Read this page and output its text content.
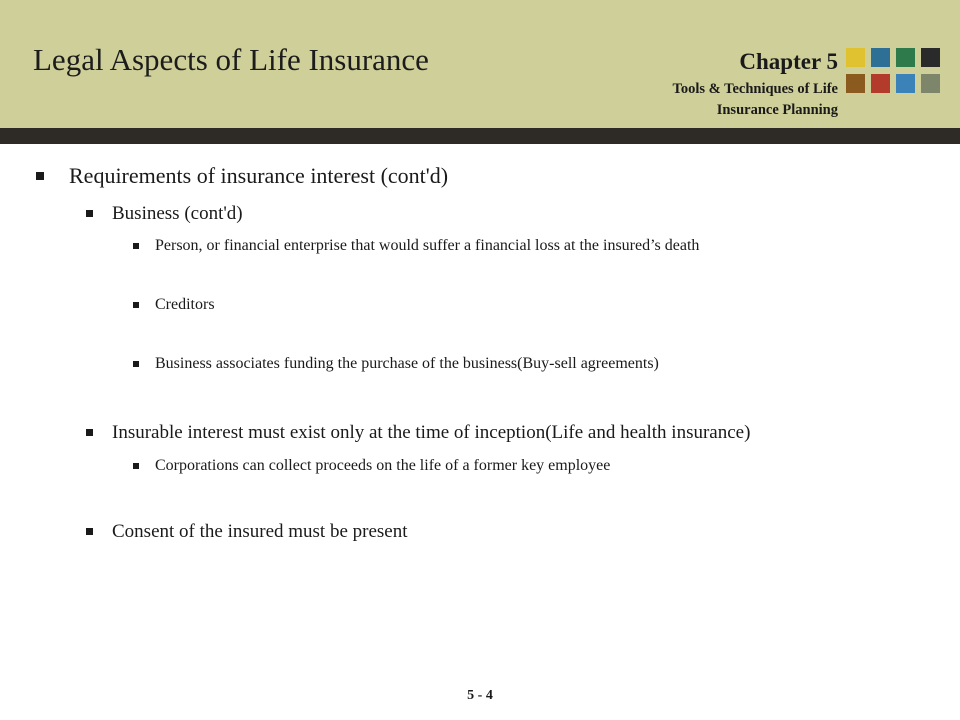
Legal Aspects of Life Insurance	Chapter 5
Tools & Techniques of Life
Insurance Planning
Requirements of insurance interest (cont'd)
Business (cont'd)
Person, or financial enterprise that would suffer a financial loss at the insured’s death
Creditors
Business associates funding the purchase of the business(Buy-sell agreements)
Insurable interest must exist only at the time of inception(Life and health insurance)
Corporations can collect proceeds on the life of a former key employee
Consent of the insured must be present
5 - 4
